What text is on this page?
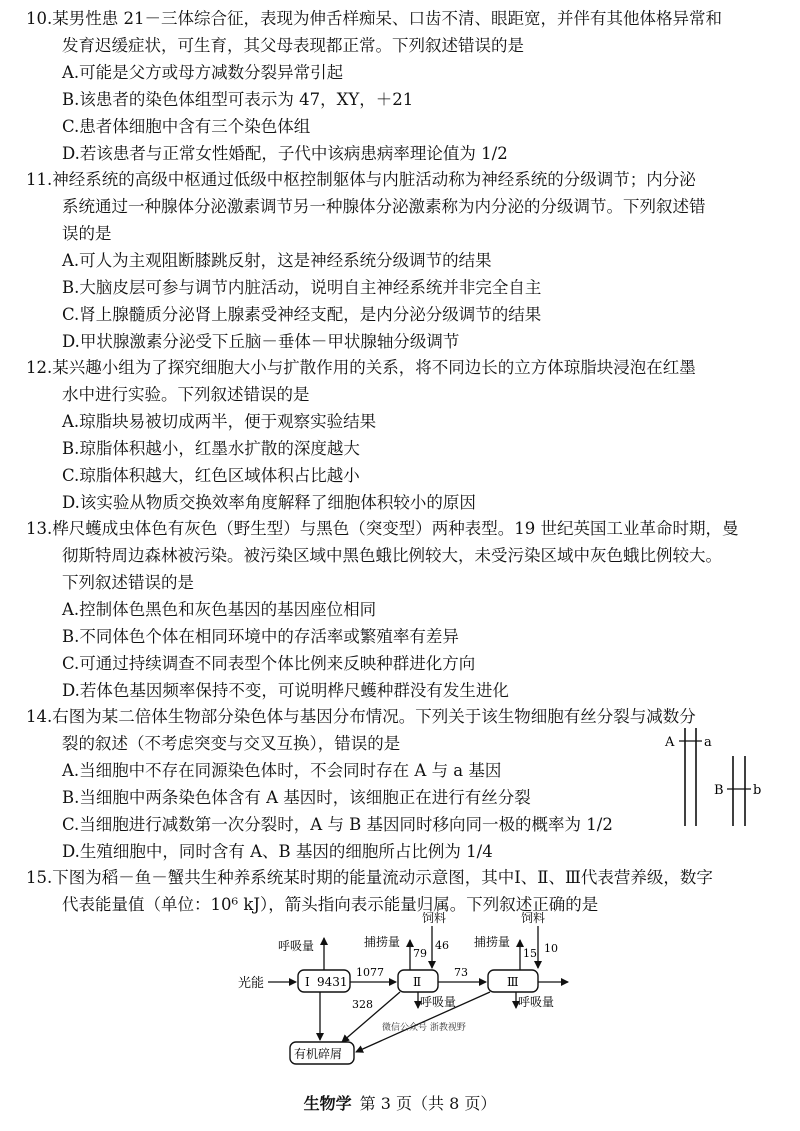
10.某男性患 21－三体综合征，表现为伸舌样痴呆、口齿不清、眼距宽，并伴有其他体格异常和
发育迟缓症状，可生育，其父母表现都正常。下列叙述错误的是
A.可能是父方或母方减数分裂异常引起
B.该患者的染色体组型可表示为 47，XY，＋21
C.患者体细胞中含有三个染色体组
D.若该患者与正常女性婚配，子代中该病患病率理论值为 1/2
11.神经系统的高级中枢通过低级中枢控制躯体与内脏活动称为神经系统的分级调节；内分泌
系统通过一种腺体分泌激素调节另一种腺体分泌激素称为内分泌的分级调节。下列叙述错
误的是
A.可人为主观阻断膝跳反射，这是神经系统分级调节的结果
B.大脑皮层可参与调节内脏活动，说明自主神经系统并非完全自主
C.肾上腺髓质分泌肾上腺素受神经支配，是内分泌分级调节的结果
D.甲状腺激素分泌受下丘脑－垂体－甲状腺轴分级调节
12.某兴趣小组为了探究细胞大小与扩散作用的关系，将不同边长的立方体琼脂块浸泡在红墨
水中进行实验。下列叙述错误的是
A.琼脂块易被切成两半，便于观察实验结果
B.琼脂体积越小，红墨水扩散的深度越大
C.琼脂体积越大，红色区域体积占比越小
D.该实验从物质交换效率角度解释了细胞体积较小的原因
13.桦尺蠖成虫体色有灰色（野生型）与黑色（突变型）两种表型。19 世纪英国工业革命时期，曼
彻斯特周边森林被污染。被污染区域中黑色蛾比例较大，未受污染区域中灰色蛾比例较大。
下列叙述错误的是
A.控制体色黑色和灰色基因的基因座位相同
B.不同体色个体在相同环境中的存活率或繁殖率有差异
C.可通过持续调查不同表型个体比例来反映种群进化方向
D.若体色基因频率保持不变，可说明桦尺蠖种群没有发生进化
14.右图为某二倍体生物部分染色体与基因分布情况。下列关于该生物细胞有丝分裂与减数分
裂的叙述（不考虑突变与交叉互换），错误的是
A.当细胞中不存在同源染色体时，不会同时存在 A 与 a 基因
B.当细胞中两条染色体含有 A 基因时，该细胞正在进行有丝分裂
C.当细胞进行减数第一次分裂时，A 与 B 基因同时移向同一极的概率为 1/2
D.生殖细胞中，同时含有 A、B 基因的细胞所占比例为 1/4
A a
B b
15.下图为稻－鱼－蟹共生种养系统某时期的能量流动示意图，其中Ⅰ、Ⅱ、Ⅲ代表营养级，数字
代表能量值（单位：10⁶ kJ），箭头指向表示能量归属。下列叙述正确的是
光能	Ⅰ 9431
呼吸量
1077
Ⅱ
捕捞量
79
饲料
46
呼吸量
73
Ⅲ
捕捞量
15
饲料
10
呼吸量
有机碎屑
328
微信公众号 浙教视野
生物学 第 3 页（共 8 页）
